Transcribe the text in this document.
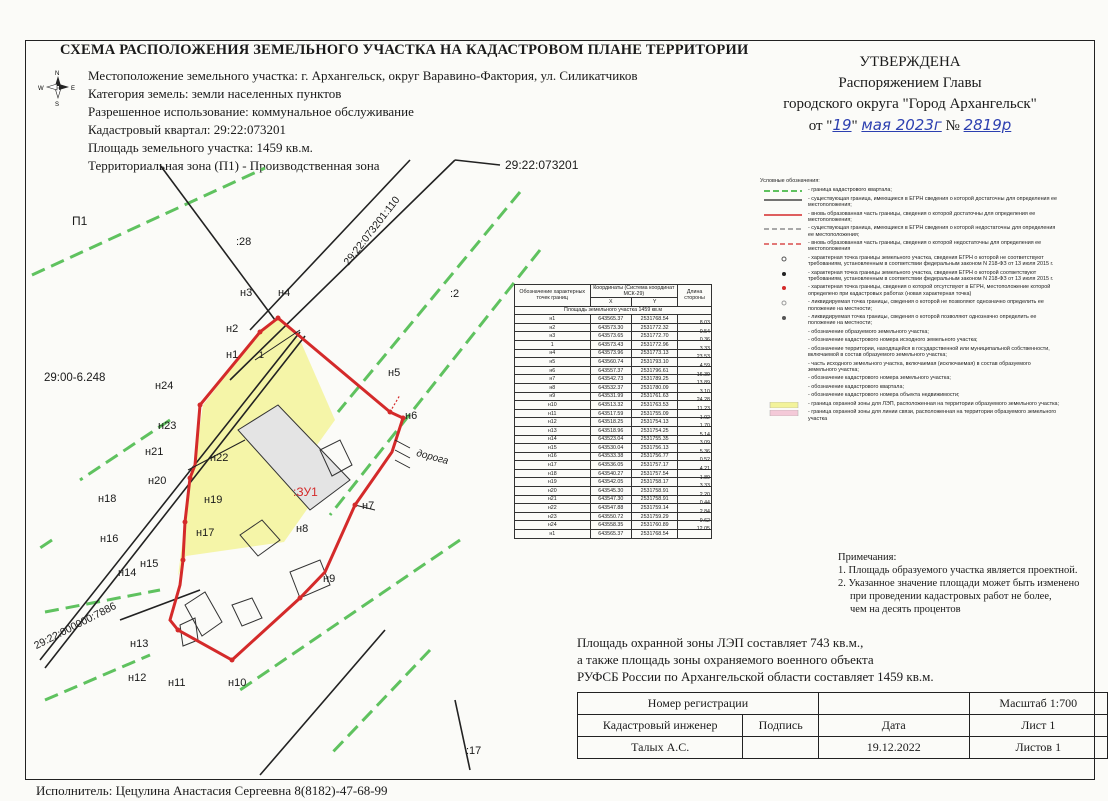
СХЕМА РАСПОЛОЖЕНИЯ ЗЕМЕЛЬНОГО УЧАСТКА НА КАДАСТРОВОМ ПЛАНЕ ТЕРРИТОРИИ
Местоположение земельного участка: г. Архангельск, округ Варавино-Фактория, ул. Силикатчиков
Категория земель: земли населенных пунктов
Разрешенное использование: коммунальное обслуживание
Кадастровый квартал: 29:22:073201
Площадь земельного участка: 1459 кв.м.
Территориальная зона (П1) - Производственная зона
УТВЕРЖДЕНА
Распоряжением Главы
городского округа "Город Архангельск"
от "19" мая 2023г № 2819р
N
S
W	E
П1
:28
:2
:17
29:22:073201
29:22:073201:110
29:22:000000:7886
29:00-6.248
:ЗУ1
дорога
1
н1
н2
н3 н4
н5
н6
н7
н8
н9
н10
н11
н12
н13
н14
н15
н16	н17
н18	н19
н20
н21	н22
н23
н24
Обозначение характерных точек границ	Координаты (Система координат МСК-29)		Длина стороны
	X	Y	
Площадь земельного участка 1459 кв.м			
н1	643565.37	2531768.54	8.03
н2	643573.30	2531772.32	0.54
н3	643573.65	2531772.70	0.36
1	643573.43	2531772.96	3.33
н4	643573.96	2531773.13	23.53
н5	643560.74	2531793.10	4.59
н6	643557.37	2531796.61	16.39
н7	643542.73	2531789.25	13.89
н8	643532.37	2531780.09	3.10
н9	643531.99	2531761.63	24.28
н10	643513.32	2531763.53	11.23
н11	643517.59	2531755.09	1.02
н12	643518.25	2531754.13	1.70
н13	643518.96	2531754.25	5.14
н14	643523.04	2531755.35	3.09
н15	643530.04	2531756.13	5.36
н16	643533.38	2531756.77	0.52
н17	643536.05	2531757.17	4.21
н18	643540.27	2531757.54	1.89
н19	643542.05	2531758.17	3.33
н20	643545.30	2531758.91	2.20
н21	643547.30	2531758.91	0.44
н22	643547.88	2531759.14	2.84
н23	643550.72	2531759.29	9.62
н24	643558.35	2531760.89	12.05
н1	643565.37	2531768.54	
Условные обозначения:
- граница кадастрового квартала;
- существующая граница, имеющиеся в ЕГРН сведения о которой достаточны для определения ее местоположения;
- вновь образованная часть границы, сведения о которой достаточны для определения ее местоположения;
- существующая граница, имеющиеся в ЕГРН сведения о которой недостаточны для определения ее местоположения;
- вновь образованная часть границы, сведения о которой недостаточны для определения ее местоположения
- характерная точка границы земельного участка, сведения ЕГРН о которой не соответствуют требованиям, установленным в соответствии федеральным законом N 218-ФЗ от 13 июля 2015 г.
- характерная точка границы земельного участка, сведения ЕГРН о которой соответствуют требованиям, установленным в соответствии федеральным законом N 218-ФЗ от 13 июля 2015 г.
- характерная точка границы, сведения о которой отсутствуют в ЕГРН, местоположение которой определено при кадастровых работах (новая характерная точка)
- ликвидируемая точка границы, сведения о которой не позволяют однозначно определить ее положение на местности;
- ликвидируемая точка границы, сведения о которой позволяют однозначно определить ее положение на местности;
- обозначение образуемого земельного участка;
- обозначение кадастрового номера исходного земельного участка;
- обозначение территории, находящейся в государственной или муниципальной собственности, включаемой в состав образуемого земельного участка;
- часть исходного земельного участка, включаемая (исключаемая) в состав образуемого земельного участка;
- обозначение кадастрового номера земельного участка;
- обозначение кадастрового квартала;
- обозначение кадастрового номера объекта недвижимости;
- граница охранной зоны для ЛЭП, расположенная на территории образуемого земельного участка;
- граница охранной зоны для линии связи, расположенная на территории образуемого земельного участка
Примечания:
1. Площадь образуемого участка является проектной.
2. Указанное значение площади может быть изменено
при проведении кадастровых работ не более,
чем на десять процентов
Площадь охранной зоны ЛЭП составляет 743 кв.м.,
а также площадь зоны охраняемого военного объекта
РУФСБ России по Архангельской области составляет 1459 кв.м.
Номер регистрации			Масштаб 1:700
Кадастровый инженер	Подпись	Дата	Лист 1
Талых А.С.		19.12.2022	Листов 1
Исполнитель: Цецулина Анастасия Сергеевна 8(8182)-47-68-99
